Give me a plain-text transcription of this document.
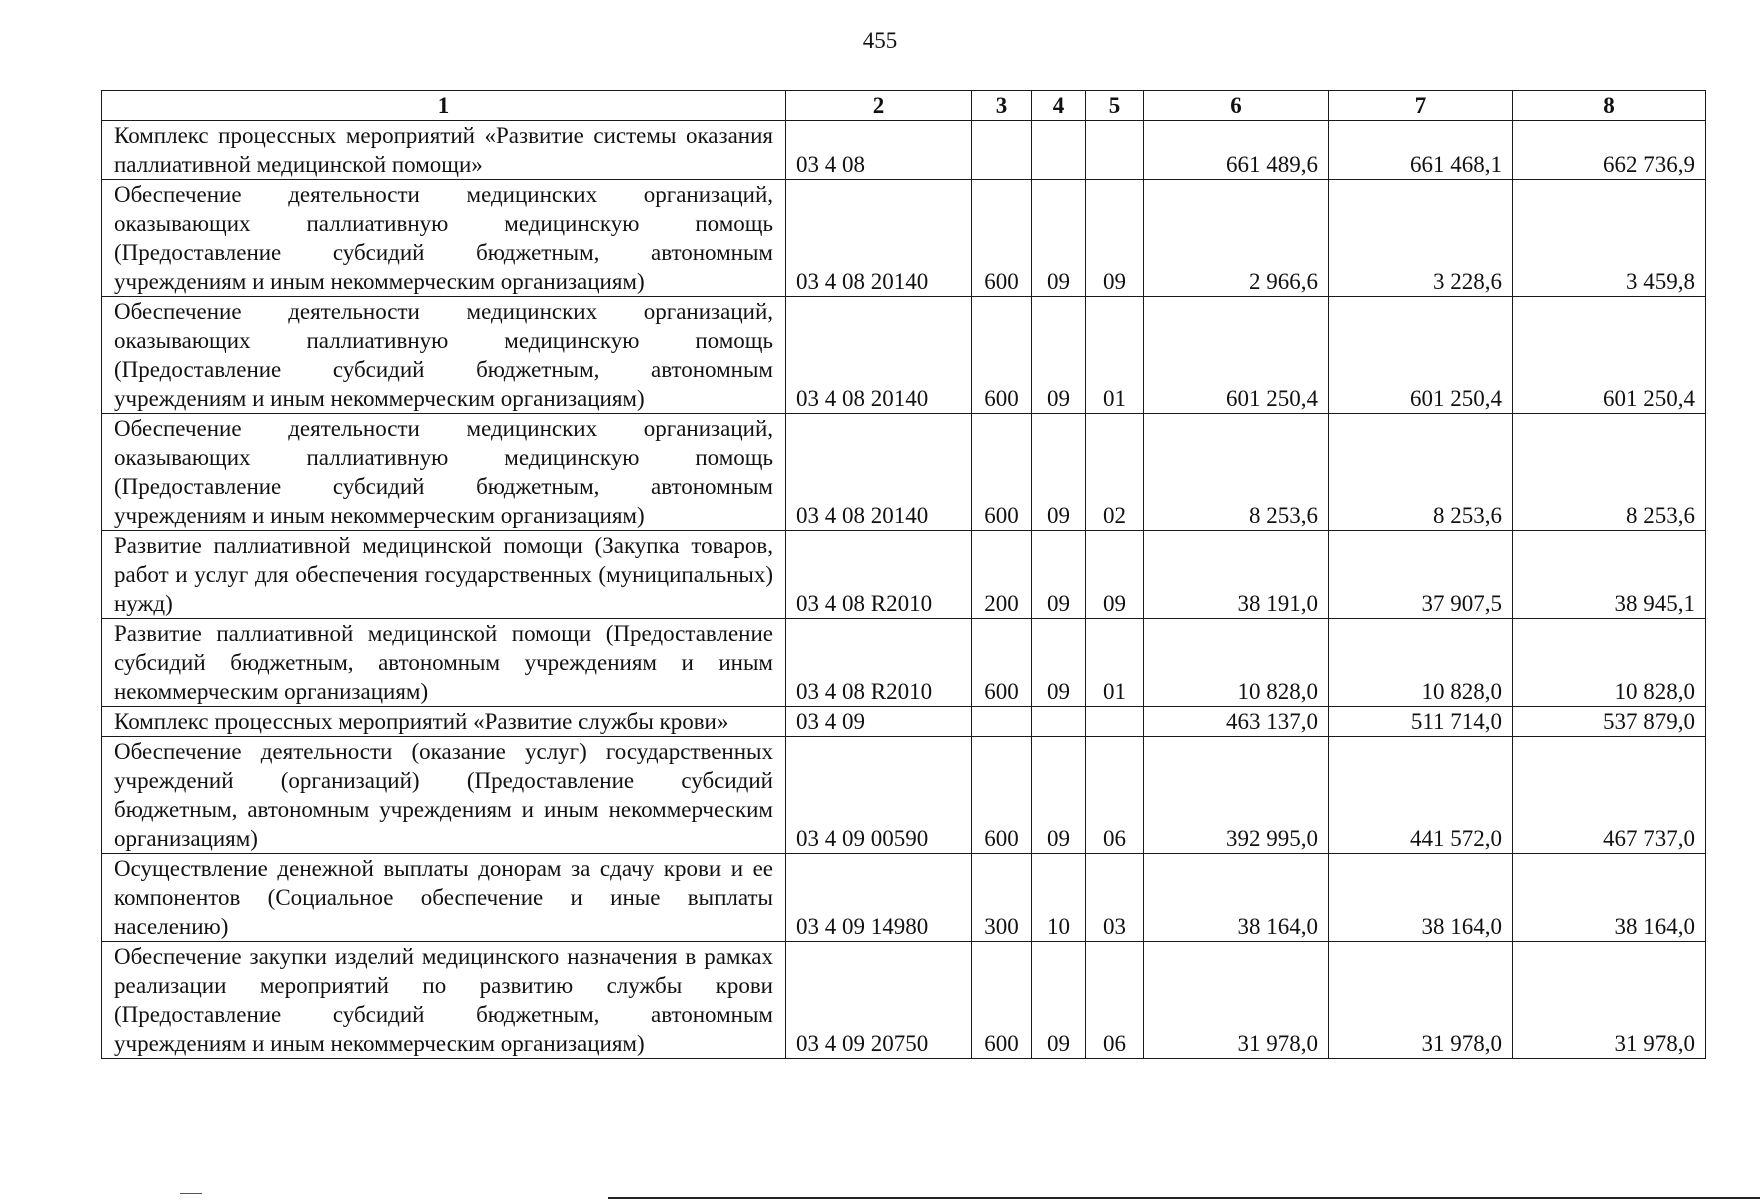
455
1	2	3	4	5	6	7	8
Комплекс процессных мероприятий «Развитие системы оказания паллиативной медицинской помощи»	03 4 08				661 489,6	661 468,1	662 736,9
Обеспечение деятельности медицинских организаций, оказывающих паллиативную медицинскую помощь (Предоставление субсидий бюджетным, автономным учреждениям и иным некоммерческим организациям)	03 4 08 20140	600	09	09	2 966,6	3 228,6	3 459,8
Обеспечение деятельности медицинских организаций, оказывающих паллиативную медицинскую помощь (Предоставление субсидий бюджетным, автономным учреждениям и иным некоммерческим организациям)	03 4 08 20140	600	09	01	601 250,4	601 250,4	601 250,4
Обеспечение деятельности медицинских организаций, оказывающих паллиативную медицинскую помощь (Предоставление субсидий бюджетным, автономным учреждениям и иным некоммерческим организациям)	03 4 08 20140	600	09	02	8 253,6	8 253,6	8 253,6
Развитие паллиативной медицинской помощи (Закупка товаров, работ и услуг для обеспечения государственных (муниципальных) нужд)	03 4 08 R2010	200	09	09	38 191,0	37 907,5	38 945,1
Развитие паллиативной медицинской помощи (Предоставление субсидий бюджетным, автономным учреждениям и иным некоммерческим организациям)	03 4 08 R2010	600	09	01	10 828,0	10 828,0	10 828,0
Комплекс процессных мероприятий «Развитие службы крови»	03 4 09				463 137,0	511 714,0	537 879,0
Обеспечение деятельности (оказание услуг) государственных учреждений (организаций) (Предоставление субсидий бюджетным, автономным учреждениям и иным некоммерческим организациям)	03 4 09 00590	600	09	06	392 995,0	441 572,0	467 737,0
Осуществление денежной выплаты донорам за сдачу крови и ее компонентов (Социальное обеспечение и иные выплаты населению)	03 4 09 14980	300	10	03	38 164,0	38 164,0	38 164,0
Обеспечение закупки изделий медицинского назначения в рамках реализации мероприятий по развитию службы крови (Предоставление субсидий бюджетным, автономным учреждениям и иным некоммерческим организациям)	03 4 09 20750	600	09	06	31 978,0	31 978,0	31 978,0
